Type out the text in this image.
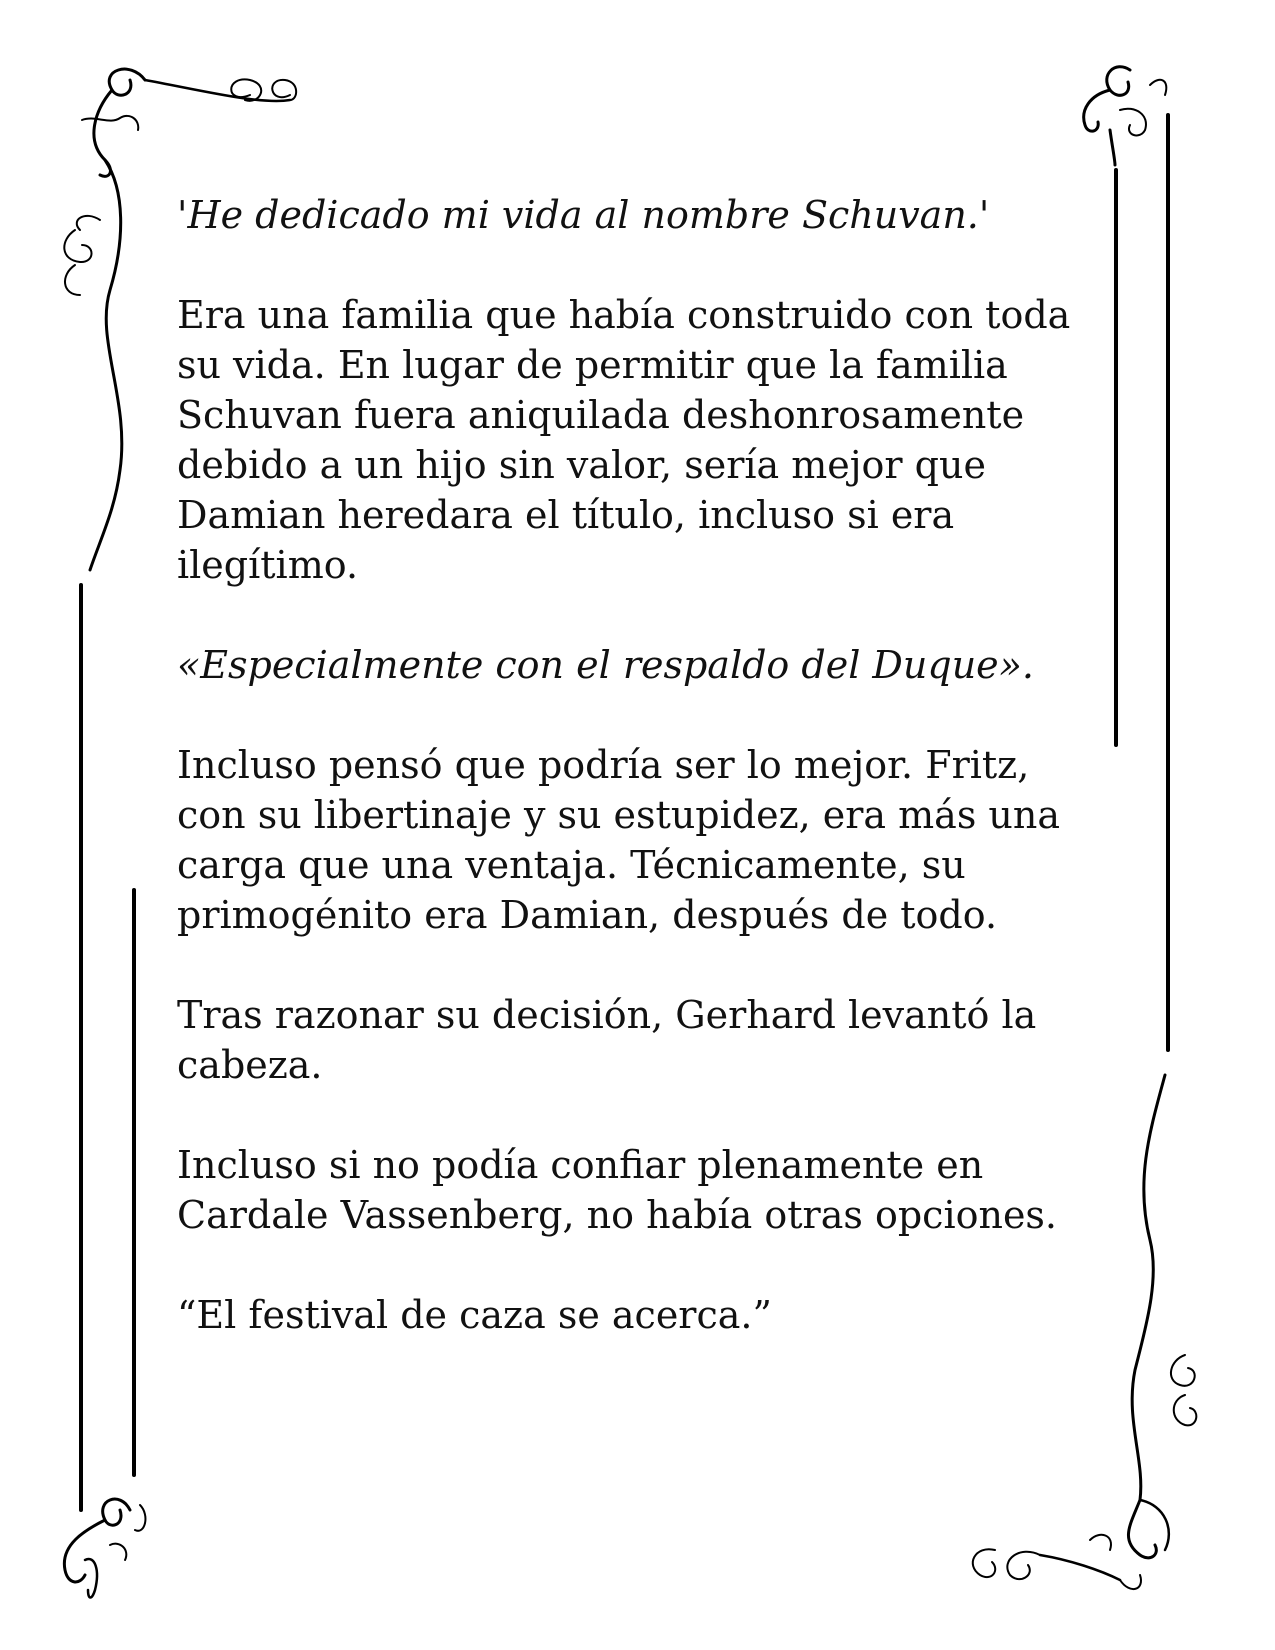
'He dedicado mi vida al nombre Schuvan.'

Era una familia que había construido con toda
su vida. En lugar de permitir que la familia
Schuvan fuera aniquilada deshonrosamente
debido a un hijo sin valor, sería mejor que
Damian heredara el título, incluso si era
ilegítimo.

«Especialmente con el respaldo del Duque».

Incluso pensó que podría ser lo mejor. Fritz,
con su libertinaje y su estupidez, era más una
carga que una ventaja. Técnicamente, su
primogénito era Damian, después de todo.

Tras razonar su decisión, Gerhard levantó la
cabeza.

Incluso si no podía confiar plenamente en
Cardale Vassenberg, no había otras opciones.

“El festival de caza se acerca.”
